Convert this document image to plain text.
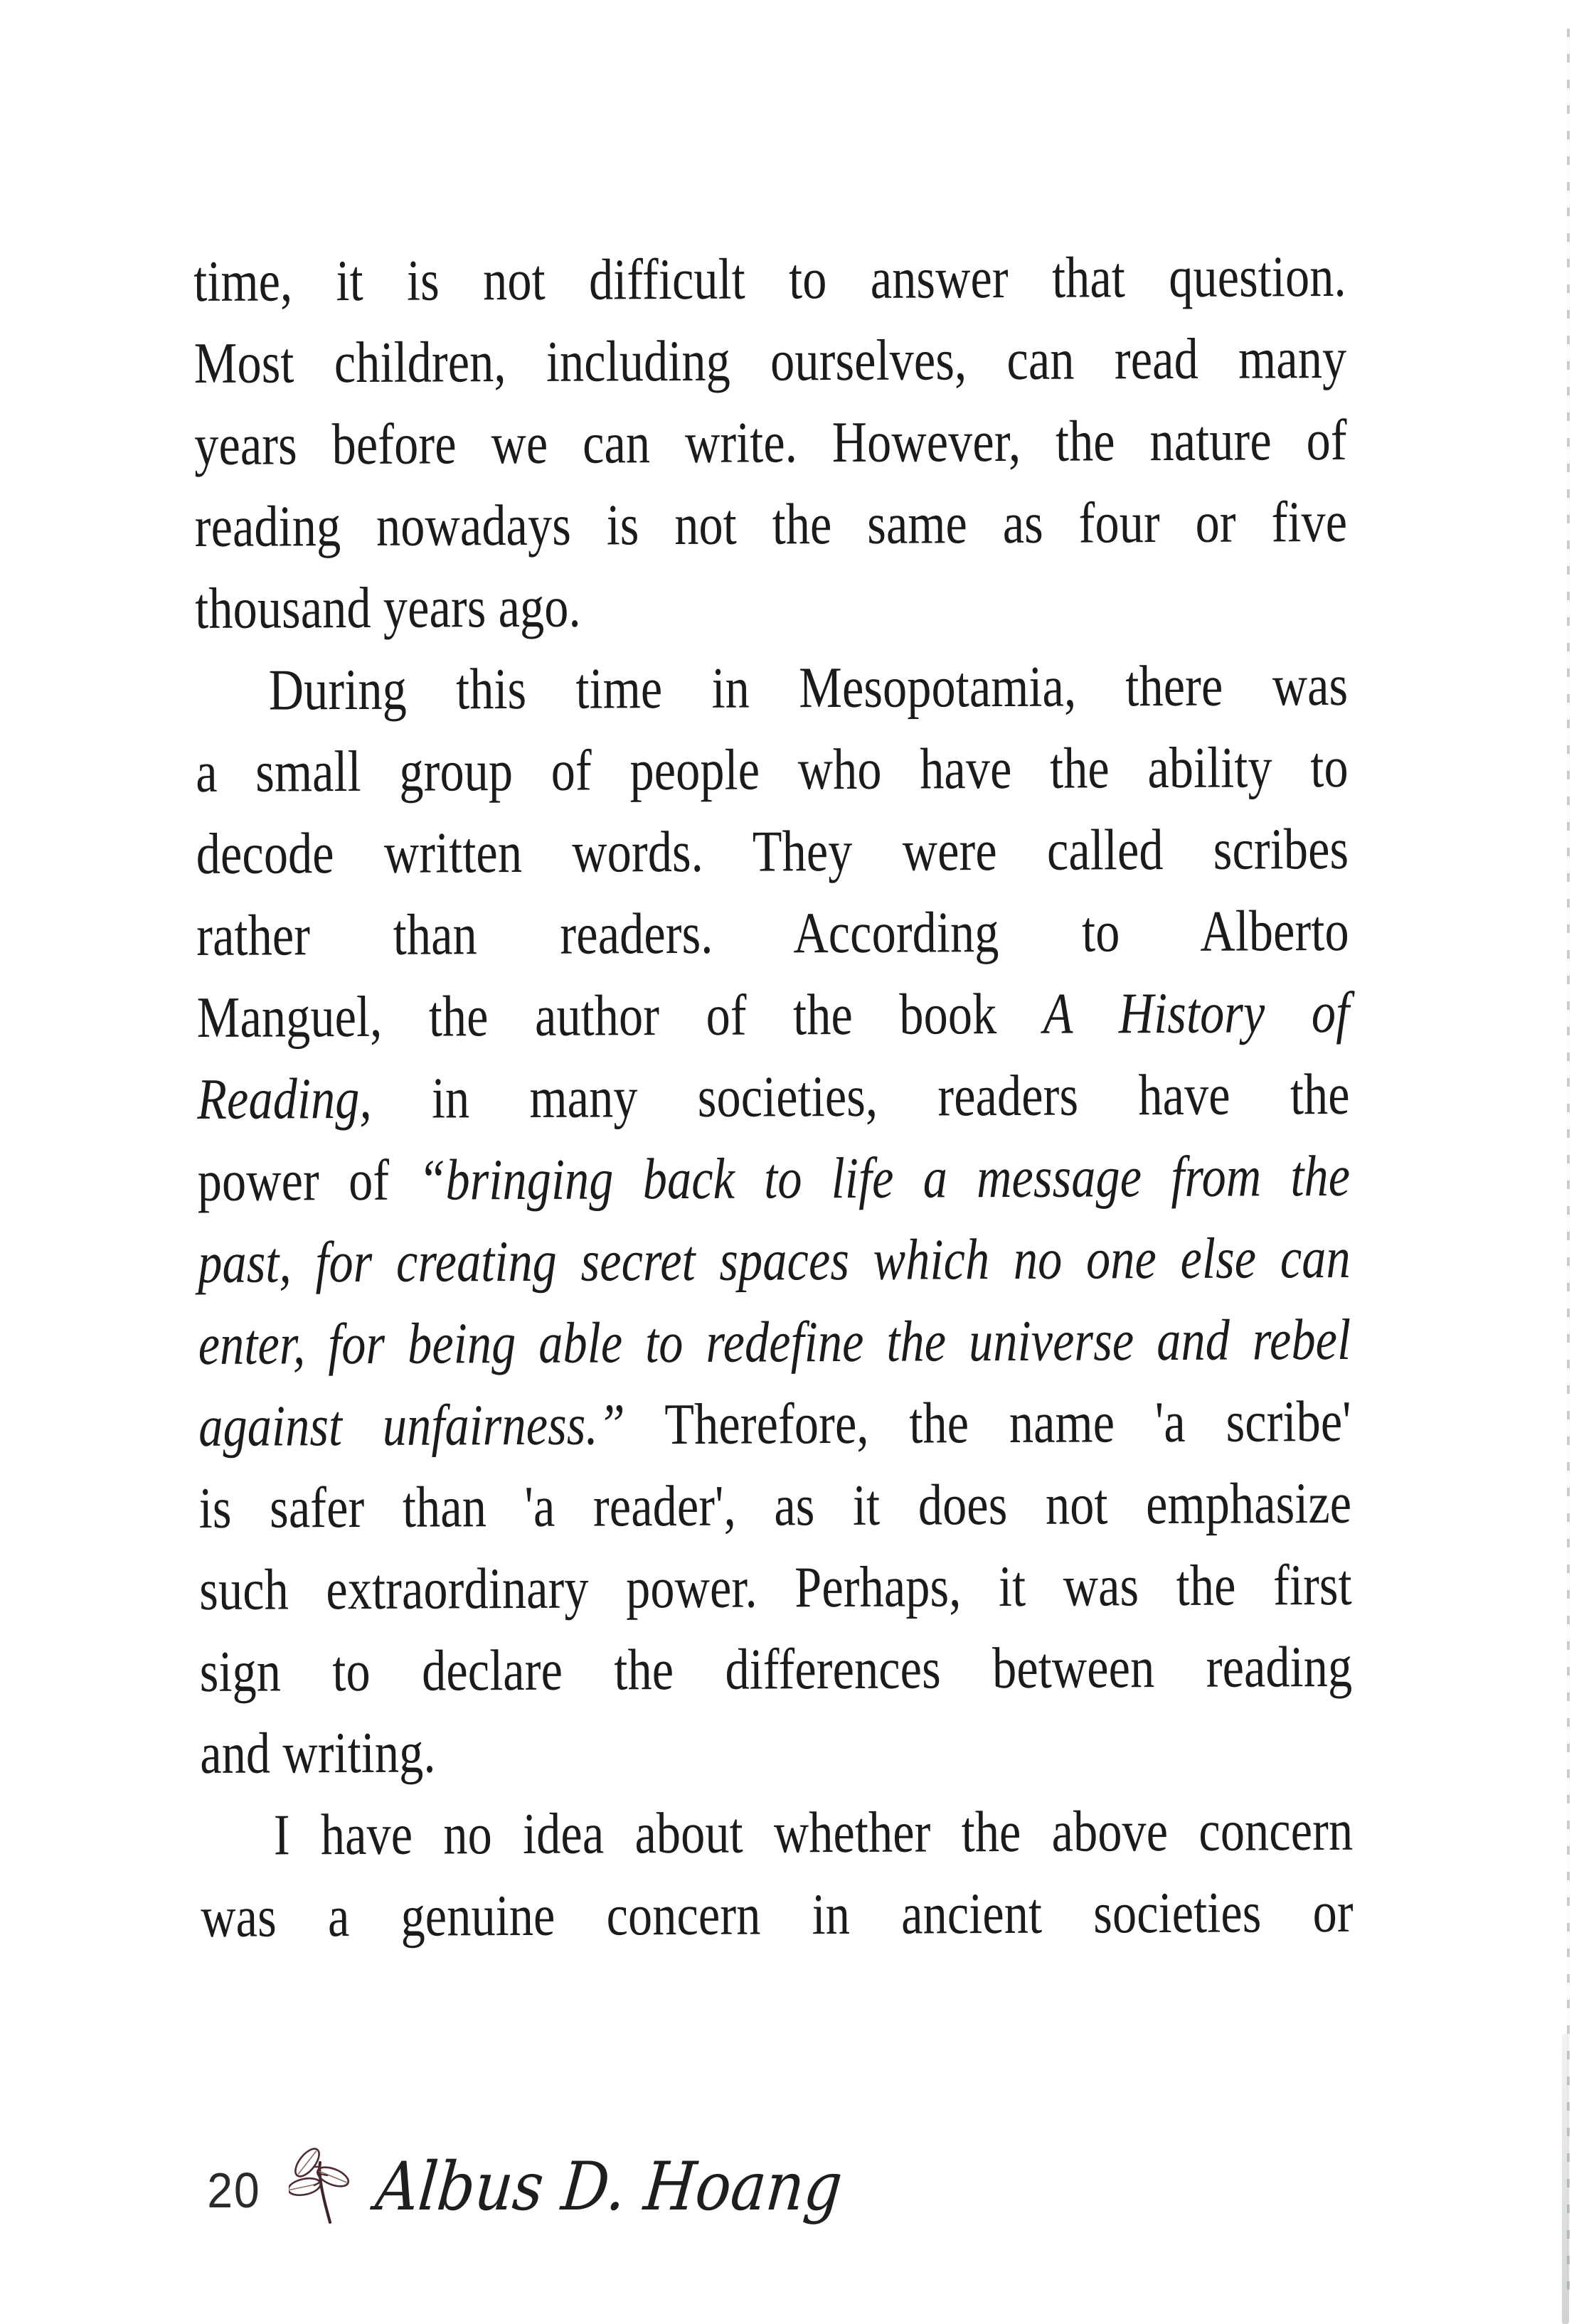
time, it is not difficult to answer that question.
Most children, including ourselves, can read many
years before we can write. However, the nature of
reading nowadays is not the same as four or five
thousand years ago.
During this time in Mesopotamia, there was
a small group of people who have the ability to
decode written words. They were called scribes
rather than readers. According to Alberto
Manguel, the author of the book A History of
Reading, in many societies, readers have the
power of “bringing back to life a message from the
past, for creating secret spaces which no one else can
enter, for being able to redefine the universe and rebel
against unfairness.” Therefore, the name 'a scribe'
is safer than 'a reader', as it does not emphasize
such extraordinary power. Perhaps, it was the first
sign to declare the differences between reading
and writing.
I have no idea about whether the above concern
was a genuine concern in ancient societies or
20 Albus D. Hoang
